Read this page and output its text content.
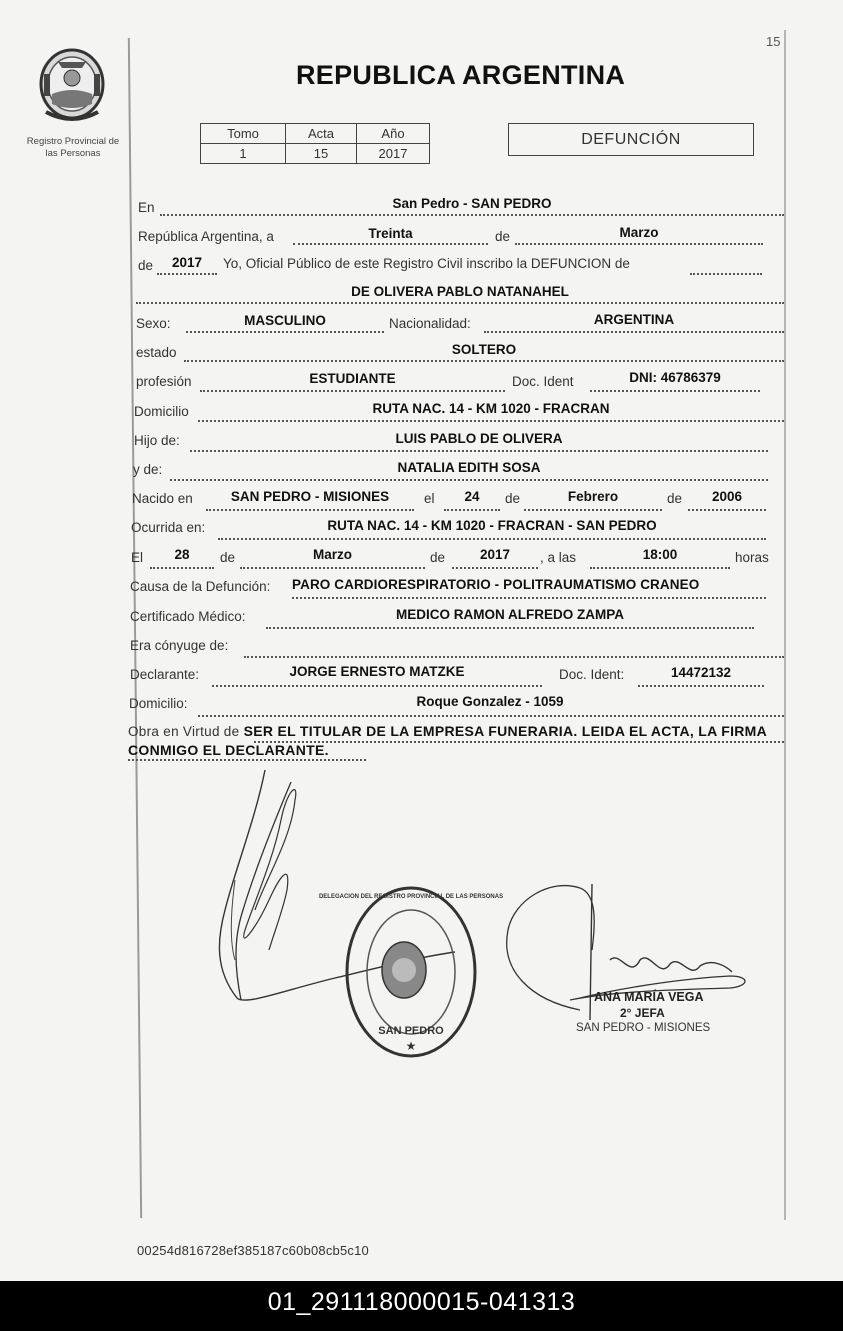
15
Registro Provincial de
las Personas
REPUBLICA ARGENTINA
Tomo	Acta	Año
1	15	2017
DEFUNCIÓN
En	San Pedro - SAN PEDRO
República Argentina, a	Treinta	de	Marzo
de	2017	Yo, Oficial Público de este Registro Civil inscribo la DEFUNCION de
DE OLIVERA PABLO NATANAHEL
Sexo:	MASCULINO	Nacionalidad:	ARGENTINA
estado	SOLTERO
profesión	ESTUDIANTE	Doc. Ident	DNI: 46786379
Domicilio	RUTA NAC. 14 - KM 1020 - FRACRAN
Hijo de:	LUIS PABLO DE OLIVERA
y de:	NATALIA EDITH SOSA
Nacido en	SAN PEDRO - MISIONES	el	24	de	Febrero	de	2006
Ocurrida en:	RUTA NAC. 14 - KM 1020 - FRACRAN - SAN PEDRO
El	28	de	Marzo	de	2017	, a las	18:00	horas
Causa de la Defunción: PARO CARDIORESPIRATORIO - POLITRAUMATISMO CRANEO
Certificado Médico:	MEDICO RAMON ALFREDO ZAMPA
Era cónyuge de:
Declarante:	JORGE ERNESTO MATZKE	Doc. Ident:	14472132
Domicilio:	Roque Gonzalez - 1059
Obra en Virtud de SER EL TITULAR DE LA EMPRESA FUNERARIA. LEIDA EL ACTA, LA FIRMA CONMIGO EL DECLARANTE.
SAN PEDRO
DELEGACION DEL REGISTRO PROVINCIAL DE LAS PERSONAS
★
ANA MARÍA VEGA
2° JEFA
SAN PEDRO - MISIONES
00254d816728ef385187c60b08cb5c10
01_291118000015-041313
